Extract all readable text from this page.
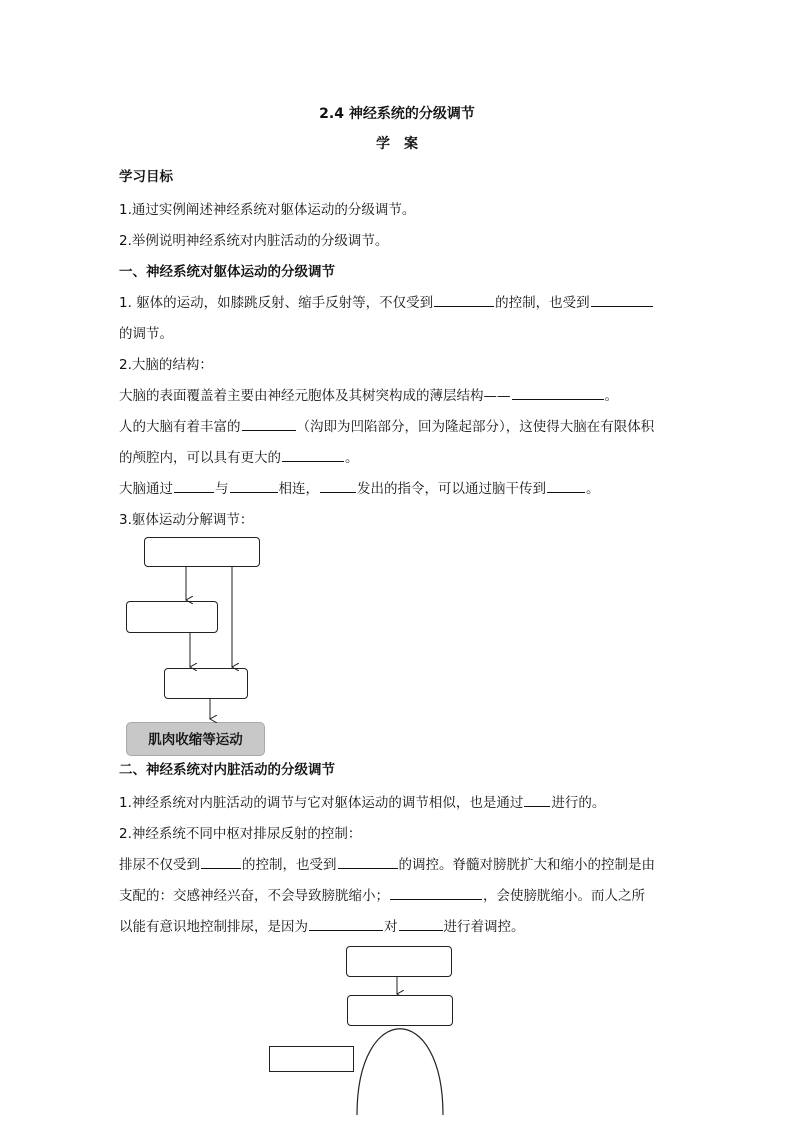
2.4 神经系统的分级调节
学　案
学习目标
1.通过实例阐述神经系统对躯体运动的分级调节。
2.举例说明神经系统对内脏活动的分级调节。
一、神经系统对躯体运动的分级调节
1. 躯体的运动，如膝跳反射、缩手反射等，不仅受到	的控制，也受到
的调节。
2.大脑的结构：
大脑的表面覆盖着主要由神经元胞体及其树突构成的薄层结构——	。
人的大脑有着丰富的	（沟即为凹陷部分，回为隆起部分），这使得大脑在有限体积
的颅腔内，可以具有更大的	。
大脑通过	与	相连，	发出的指令，可以通过脑干传到	。
3.躯体运动分解调节：
肌肉收缩等运动
二、神经系统对内脏活动的分级调节
1.神经系统对内脏活动的调节与它对躯体运动的调节相似，也是通过 进行的。
2.神经系统不同中枢对排尿反射的控制：
排尿不仅受到	的控制，也受到	的调控。脊髓对膀胱扩大和缩小的控制是由
支配的：交感神经兴奋，不会导致膀胱缩小；	，会使膀胱缩小。而人之所
以能有意识地控制排尿，是因为	对	进行着调控。
